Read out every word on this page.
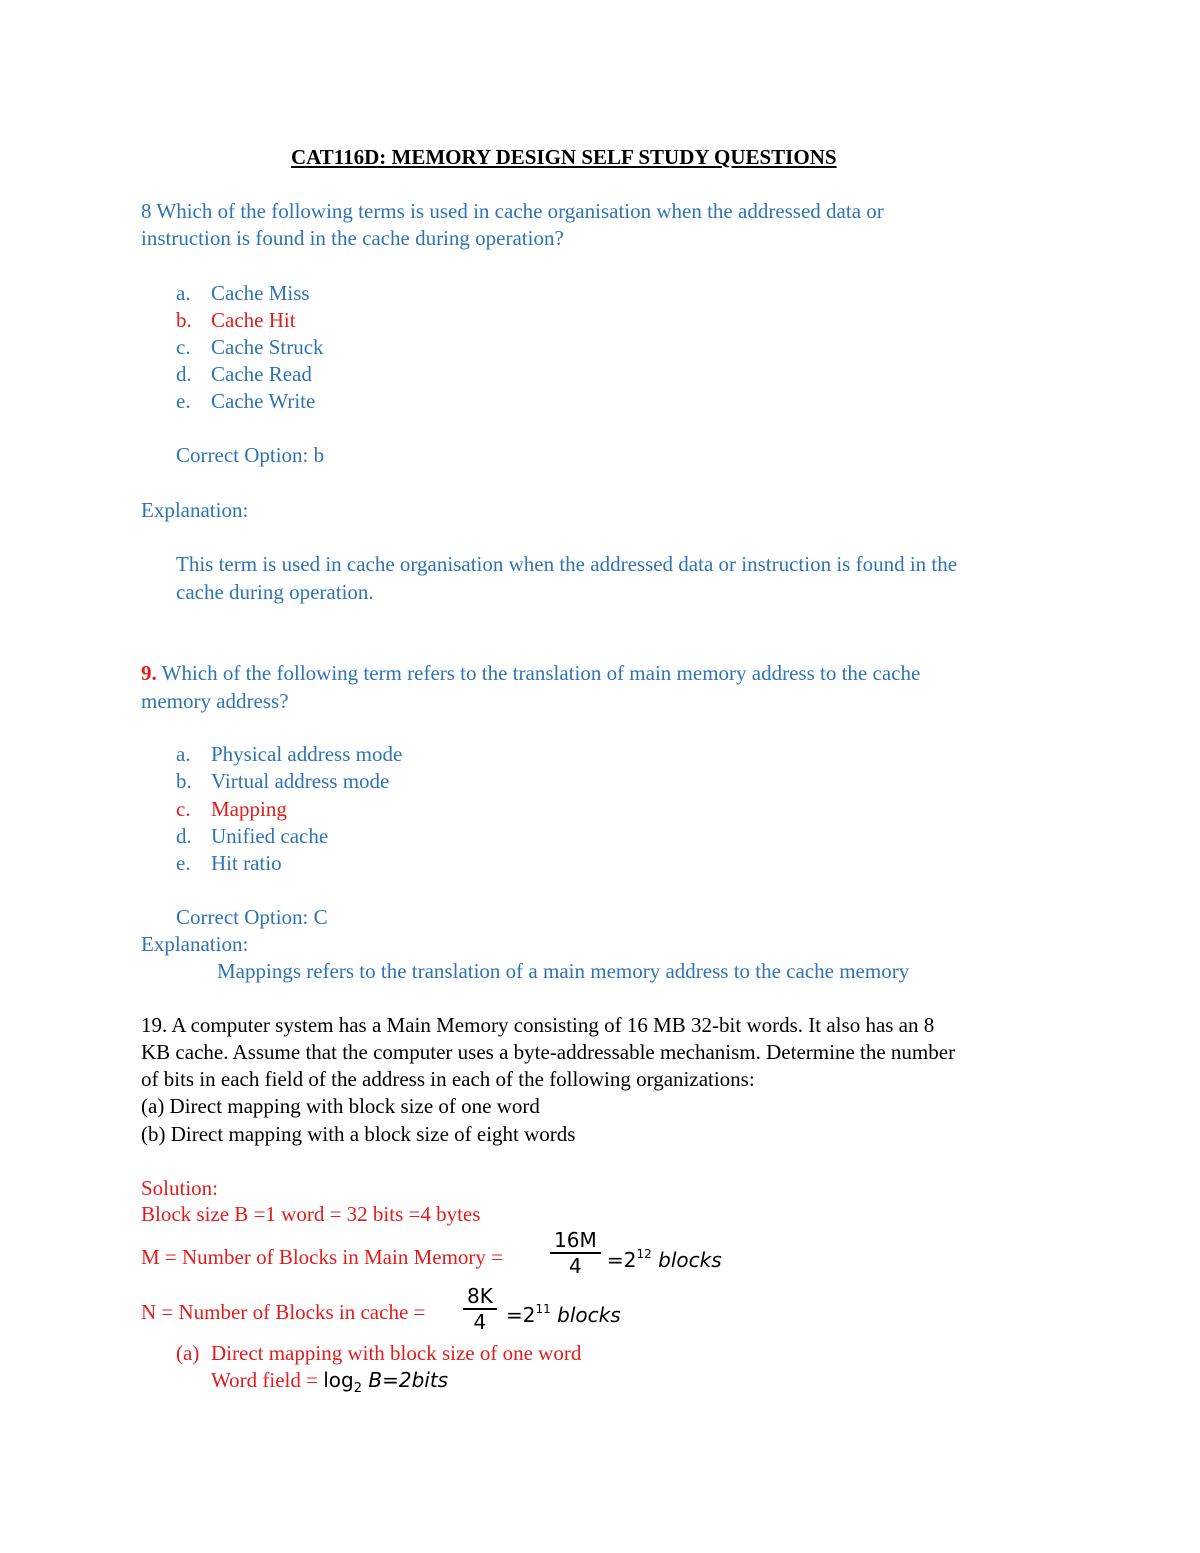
CAT116D: MEMORY DESIGN SELF STUDY QUESTIONS
8 Which of the following terms is used in cache organisation when the addressed data or
instruction is found in the cache during operation?
a. Cache Miss
b. Cache Hit
c. Cache Struck
d. Cache Read
e. Cache Write
Correct Option: b
Explanation:
This term is used in cache organisation when the addressed data or instruction is found in the
cache during operation.
9. Which of the following term refers to the translation of main memory address to the cache
memory address?
a. Physical address mode
b. Virtual address mode
c. Mapping
d. Unified cache
e. Hit ratio
Correct Option: C
Explanation:
Mappings refers to the translation of a main memory address to the cache memory
19. A computer system has a Main Memory consisting of 16 MB 32-bit words. It also has an 8
KB cache. Assume that the computer uses a byte-addressable mechanism. Determine the number
of bits in each field of the address in each of the following organizations:
(a) Direct mapping with block size of one word
(b) Direct mapping with a block size of eight words
Solution:
Block size B =1 word = 32 bits =4 bytes
M = Number of Blocks in Main Memory = $\frac{16M}{4} =2^{12}$ blocks
N = Number of Blocks in cache = $\frac{8K}{4} =2^{11}$ blocks
(a) Direct mapping with block size of one word
Word field = $\log_2$ B=2bits
